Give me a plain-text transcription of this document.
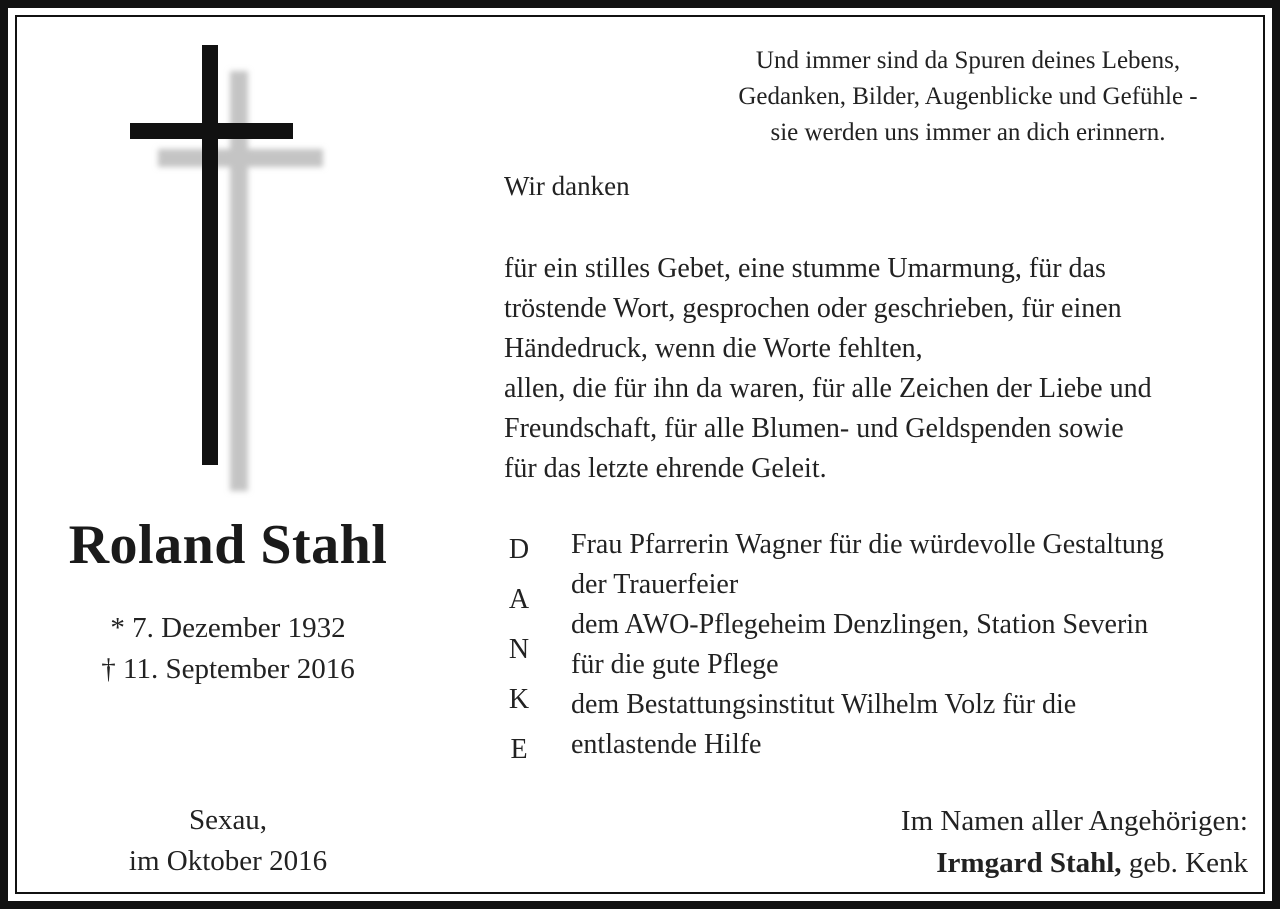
Roland Stahl
* 7. Dezember 1932
† 11. September 2016
Sexau,
im Oktober 2016
Und immer sind da Spuren deines Lebens,
Gedanken, Bilder, Augenblicke und Gefühle -
sie werden uns immer an dich erinnern.
Wir danken
für ein stilles Gebet, eine stumme Umarmung, für das
tröstende Wort, gesprochen oder geschrieben, für einen
Händedruck, wenn die Worte fehlten,
allen, die für ihn da waren, für alle Zeichen der Liebe und
Freundschaft, für alle Blumen- und Geldspenden sowie
für das letzte ehrende Geleit.
D
A
N
K
E
Frau Pfarrerin Wagner für die würdevolle Gestaltung
der Trauerfeier
dem AWO-Pflegeheim Denzlingen, Station Severin
für die gute Pflege
dem Bestattungsinstitut Wilhelm Volz für die
entlastende Hilfe
Im Namen aller Angehörigen:
Irmgard Stahl, geb. Kenk
